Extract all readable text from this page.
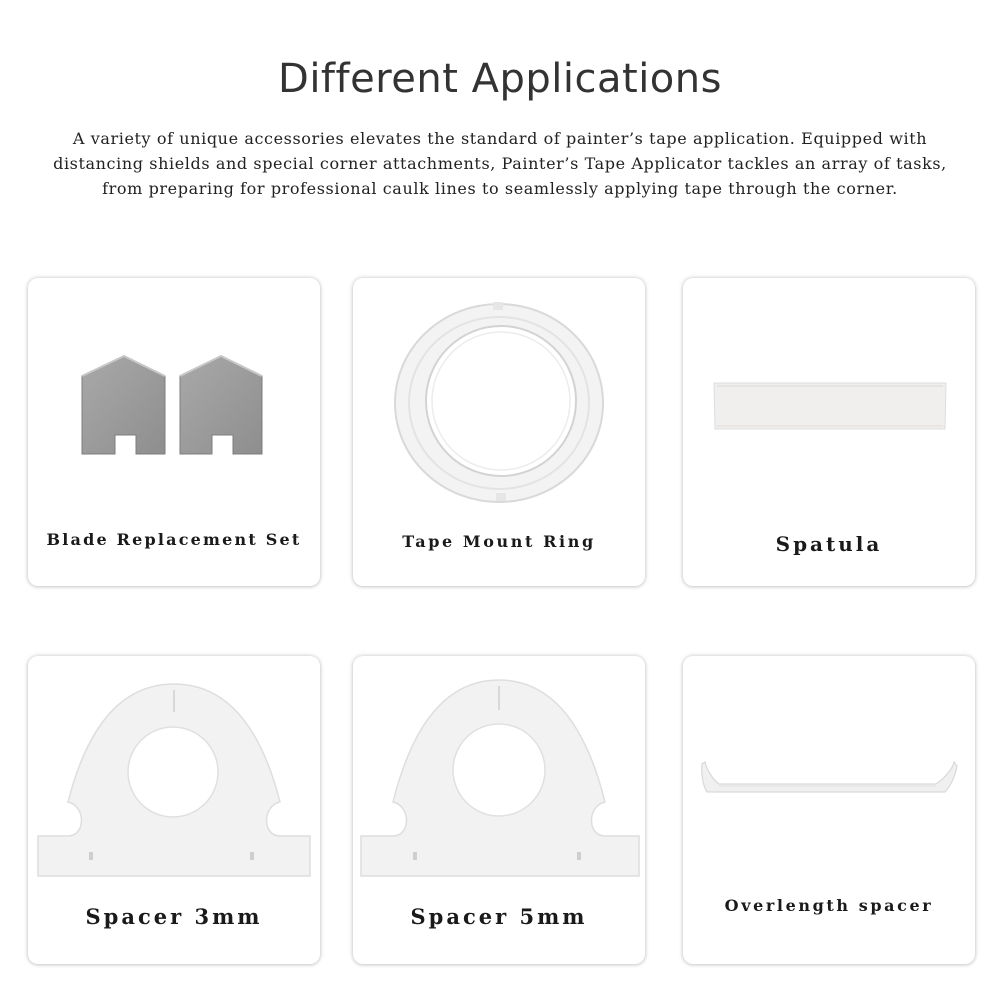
Different Applications
A variety of unique accessories elevates the standard of painter’s tape application. Equipped with
distancing shields and special corner attachments, Painter’s Tape Applicator tackles an array of tasks,
from preparing for professional caulk lines to seamlessly applying tape through the corner.
Blade Replacement Set	Tape Mount Ring	Spatula
Spacer 3mm	Spacer 5mm	Overlength spacer
